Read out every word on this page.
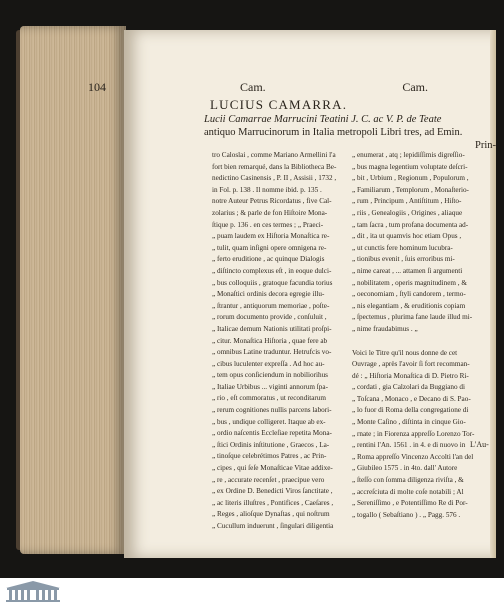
104	Cam.	Cam.
LUCIUS CAMARRA.
Lucii Camarrae Marrucini Teatini J. C. ac V. P. de Teate
antiquo Marrucinorum in Italia metropoli Libri tres, ad Emin.
Prin-
tro Caloslai , comme Mariano Armellini l'a
fort bien remarqué, dans la Bibliotheca Be-
nedictino Casinensis , P. II , Assisii , 1732 ,
in Fol. p. 138 . Il nomme ibid. p. 135 .
notre Auteur Petrus Ricordatus , five Cal-
zolarius ; & parle de fon Hiſtoire Mona-
ſtique p. 136 . en ces termes ; „ Praeci-
„ puam laudem ex Hiſtoria Monaſtica re-
„ tulit, quam inſigni opere omnigena re-
„ ferto eruditione , ac quinque Dialogis
„ diſtincto complexus eſt , in eoque dulci-
„ bus colloquiis , gratoque facundia torius
„ Monaſtici ordinis decora egregie illu-
„ ſtrantur , antiquorum memoriae , poſte-
„ rorum documento provide , conſuluit ,
„ Italicae demum Nationis utilitati proſpi-
„ citur. Monaſtica Hiſtoria , quae fere ab
„ omnibus Latine traduntur. Hetrufcis vo-
„ cibus luculenter expreſſa . Ad hoc au-
„ tem opus conſiciendum in nobiliorihus
„ Italiae Urbibus ... viginti annorum ſpa-
„ rio , eſt commoratus , ut reconditarum
„ rerum cognitiones nullis parcens labori-
„ bus , undique colligeret. Itaque ab ex-
„ ordio naſcentis Eccleſiae repetita Mona-
„ ſtici Ordinis inſtitutione , Graecos , La-
„ tinoſque celebrétimos Patres , ac Prin-
„ cipes , qui ſeſe Monaſticae Vitae addixe-
„ re , accurate recenſet , praecipue vero
„ ex Ordine D. Benedicti Viros ſanctitate ,
„ ac literis illuſtres , Pontifices , Caeſares ,
„ Reges , alioſque Dynaſtas , qui noſtrum
„ Cucullum induerunt , ſingulari diligentia
„ enumerat , atq ; lepidiſſimis digreſſio-
„ bus magna legentium voluptate deſcri-
„ bit , Urbium , Regionum , Populorum ,
„ Familiarum , Templorum , Monaſterio-
„ rum , Principum , Antiſtitum , Hiſto-
„ riis , Genealogiis , Origines , aliaque
„ tam ſacra , tum profana documenta ad-
„ dit , ita ut quamvis hoc etiam Opus ,
„ ut cunctis fere hominum lucubra-
„ tionibus evenit , ſuis erroribus mi-
„ nime careat , ... attamen ſi argumenti
„ nobilitatem , operis magnitudinem , &
„ oeconomiam , ſtyli candorem , termo-
„ nis elegantiam , & eruditionis copiam
„ ſpectemus , plurima fane laude illud mi-
„ nime fraudabimus . „
Voici le Titre qu'il nous donne de cet
Ouvrage , après l'avoir ſi fort recomman-
dé : „ Hiſtoria Monaſtica di D. Pietro Ri-
„ cordati , gia Calzolari da Buggiano di
„ Toſcana , Monaco , e Decano di S. Pao-
„ lo fuor di Roma della congregatione di
„ Monte Caſino , diſtinta in cinque Gio-
„ rnate ; in Fiorenza appreſſo Lorenzo Tor-
„ rentini l'An. 1561 . in 4. e di nuovo in
„ Roma appreſſo Vincenzo Accolti l'an del
„ Giubileo 1575 . in 4to. dall' Autore
„ ſteſſo con ſomma diligenza riviſta , &
„ accreſciuta di molte coſe notabili ; Al
„ Sereniſſimo , e Potentiſſimo Re di Por-
„ togallo ( Sebaſtiano ) . „ Pagg. 576 .
L'Au-
